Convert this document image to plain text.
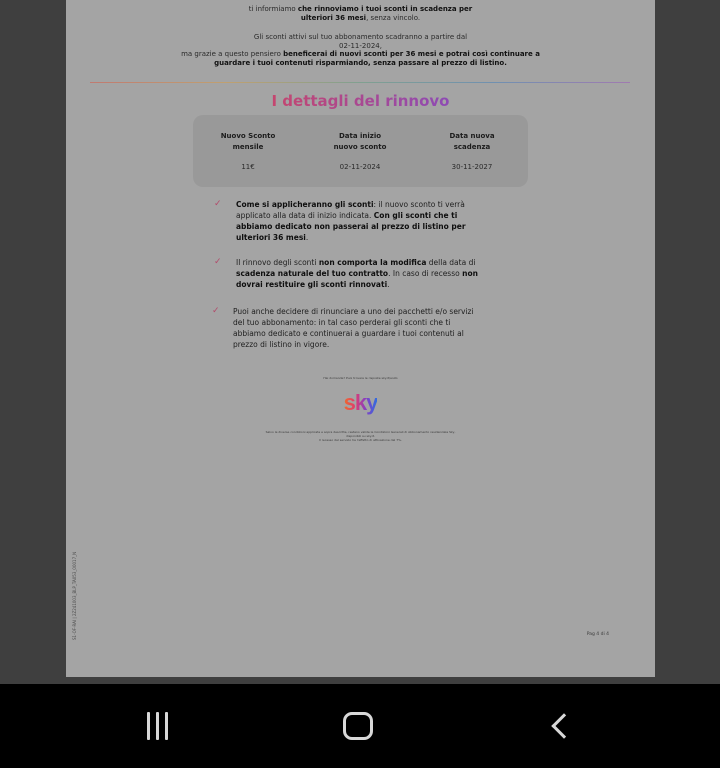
ti informiamo che rinnoviamo i tuoi sconti in scadenza per
ulteriori 36 mesi, senza vincolo.
Gli sconti attivi sul tuo abbonamento scadranno a partire dal
02-11-2024,
ma grazie a questo pensiero beneficerai di nuovi sconti per 36 mesi e potrai così continuare a
guardare i tuoi contenuti risparmiando, senza passare al prezzo di listino.
I dettagli del rinnovo
Nuovo Sconto
mensile
11€
Data inizio
nuovo sconto
02-11-2024
Data nuova
scadenza
30-11-2027
✓ Come si applicheranno gli sconti: il nuovo sconto ti verrà applicato alla data di inizio indicata. Con gli sconti che ti abbiamo dedicato non passerai al prezzo di listino per ulteriori 36 mesi.
✓ Il rinnovo degli sconti non comporta la modifica della data di scadenza naturale del tuo contratto. In caso di recesso non dovrai restituire gli sconti rinnovati.
✓ Puoi anche decidere di rinunciare a uno dei pacchetti e/o servizi del tuo abbonamento: in tal caso perderai gli sconti che ti abbiamo dedicato e continuerai a guardare i tuoi contenuti al prezzo di listino in vigore.
Hai domande? Puoi trovare le risposte sky.it/aiuto
sky
Salvo le diverse condizioni applicate e sopra descritte, restano valide le Condizioni Generali di Abbonamento residenziale Sky,
disponibili su sky.it.
Il recesso dal servizio ha l'effetto di attivazione del 7%.
S1-OF-RAI | 2Z241003_BLP_TA053_00017_N	Pag 4 di 4
